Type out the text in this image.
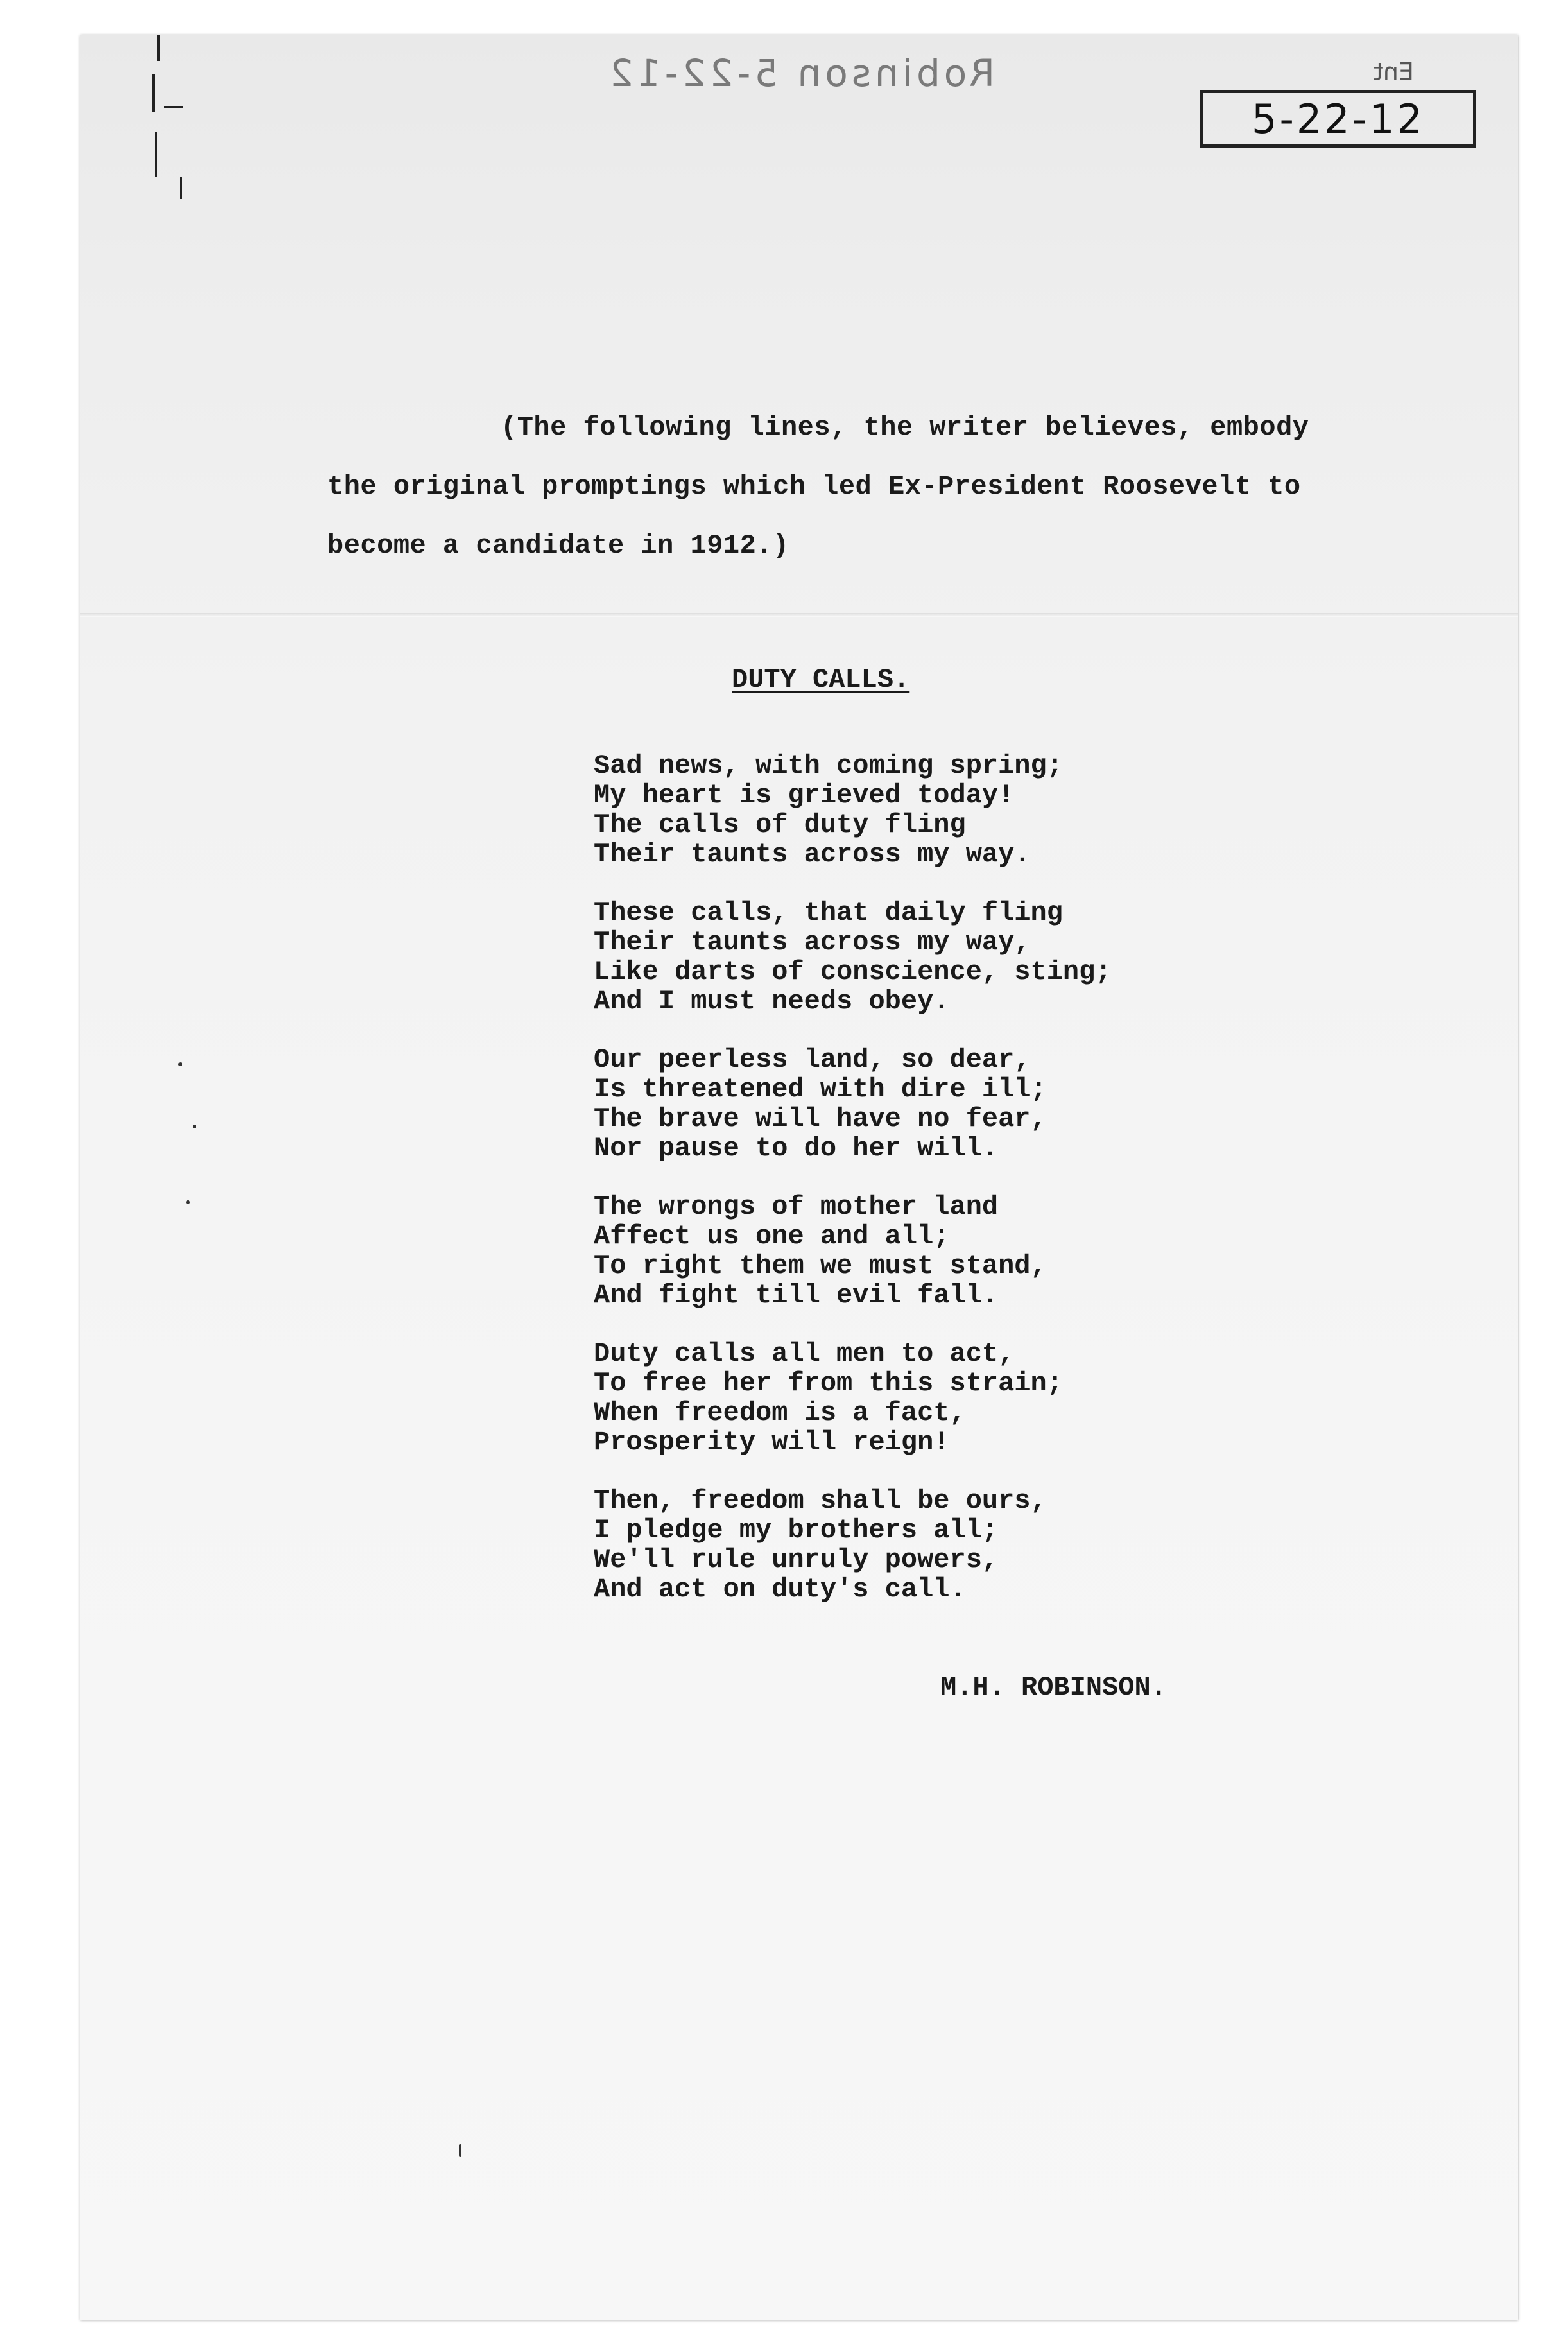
Robinson 5-22-12	Ent
5-22-12
(The following lines, the writer believes, embody
the original promptings which led Ex-President Roosevelt to
become a candidate in 1912.)
DUTY CALLS.
Sad news, with coming spring;
My heart is grieved today!
The calls of duty fling
Their taunts across my way.
These calls, that daily fling
Their taunts across my way,
Like darts of conscience, sting;
And I must needs obey.
Our peerless land, so dear,
Is threatened with dire ill;
The brave will have no fear,
Nor pause to do her will.
The wrongs of mother land
Affect us one and all;
To right them we must stand,
And fight till evil fall.
Duty calls all men to act,
To free her from this strain;
When freedom is a fact,
Prosperity will reign!
Then, freedom shall be ours,
I pledge my brothers all;
We'll rule unruly powers,
And act on duty's call.
M.H. ROBINSON.
